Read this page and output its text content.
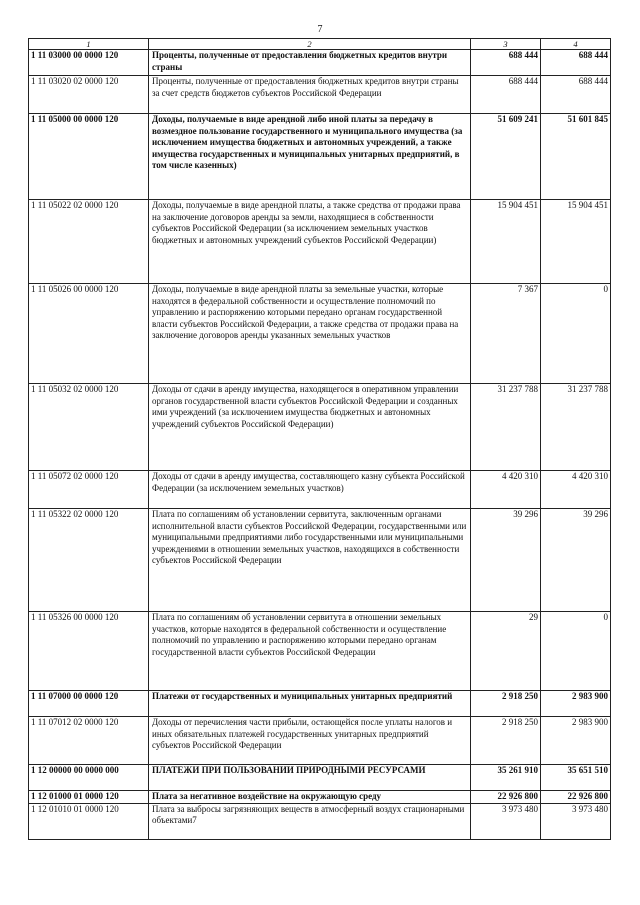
7
1	2	3	4
1 11 03000 00 0000 120	Проценты, полученные от предоставления бюджетных кредитов внутри страны	688 444	688 444
1 11 03020 02 0000 120	Проценты, полученные от предоставления бюджетных кредитов внутри страны за счет средств бюджетов субъектов Российской Федерации	688 444	688 444
1 11 05000 00 0000 120	Доходы, получаемые в виде арендной либо иной платы за передачу в возмездное пользование государственного и муниципального имущества (за исключением имущества бюджетных и автономных учреждений, а также имущества государственных и муниципальных унитарных предприятий, в том числе казенных)	51 609 241	51 601 845
1 11 05022 02 0000 120	Доходы, получаемые в виде арендной платы, а также средства от продажи права на заключение договоров аренды за земли, находящиеся в собственности субъектов Российской Федерации (за исключением земельных участков бюджетных и автономных учреждений субъектов Российской Федерации)	15 904 451	15 904 451
1 11 05026 00 0000 120	Доходы, получаемые в виде арендной платы за земельные участки, которые находятся в федеральной собственности и осуществление полномочий по управлению и распоряжению которыми передано органам государственной власти субъектов Российской Федерации, а также средства от продажи права на заключение договоров аренды указанных земельных участков	7 367	0
1 11 05032 02 0000 120	Доходы от сдачи в аренду имущества, находящегося в оперативном управлении органов государственной власти субъектов Российской Федерации и созданных ими учреждений (за исключением имущества бюджетных и автономных учреждений субъектов Российской Федерации)	31 237 788	31 237 788
1 11 05072 02 0000 120	Доходы от сдачи в аренду имущества, составляющего казну субъекта Российской Федерации (за исключением земельных участков)	4 420 310	4 420 310
1 11 05322 02 0000 120	Плата по соглашениям об установлении сервитута, заключенным органами исполнительной власти субъектов Российской Федерации, государственными или муниципальными предприятиями либо государственными или муниципальными учреждениями в отношении земельных участков, находящихся в собственности субъектов Российской Федерации	39 296	39 296
1 11 05326 00 0000 120	Плата по соглашениям об установлении сервитута в отношении земельных участков, которые находятся в федеральной собственности и осуществление полномочий по управлению и распоряжению которыми передано органам государственной власти субъектов Российской Федерации	29	0
1 11 07000 00 0000 120	Платежи от государственных и муниципальных унитарных предприятий	2 918 250	2 983 900
1 11 07012 02 0000 120	Доходы от перечисления части прибыли, остающейся после уплаты налогов и иных обязательных платежей государственных унитарных предприятий субъектов Российской Федерации	2 918 250	2 983 900
1 12 00000 00 0000 000	ПЛАТЕЖИ ПРИ ПОЛЬЗОВАНИИ ПРИРОДНЫМИ РЕСУРСАМИ	35 261 910	35 651 510
1 12 01000 01 0000 120	Плата за негативное воздействие на окружающую среду	22 926 800	22 926 800
1 12 01010 01 0000 120	Плата за выбросы загрязняющих веществ в атмосферный воздух стационарными объектами7	3 973 480	3 973 480
